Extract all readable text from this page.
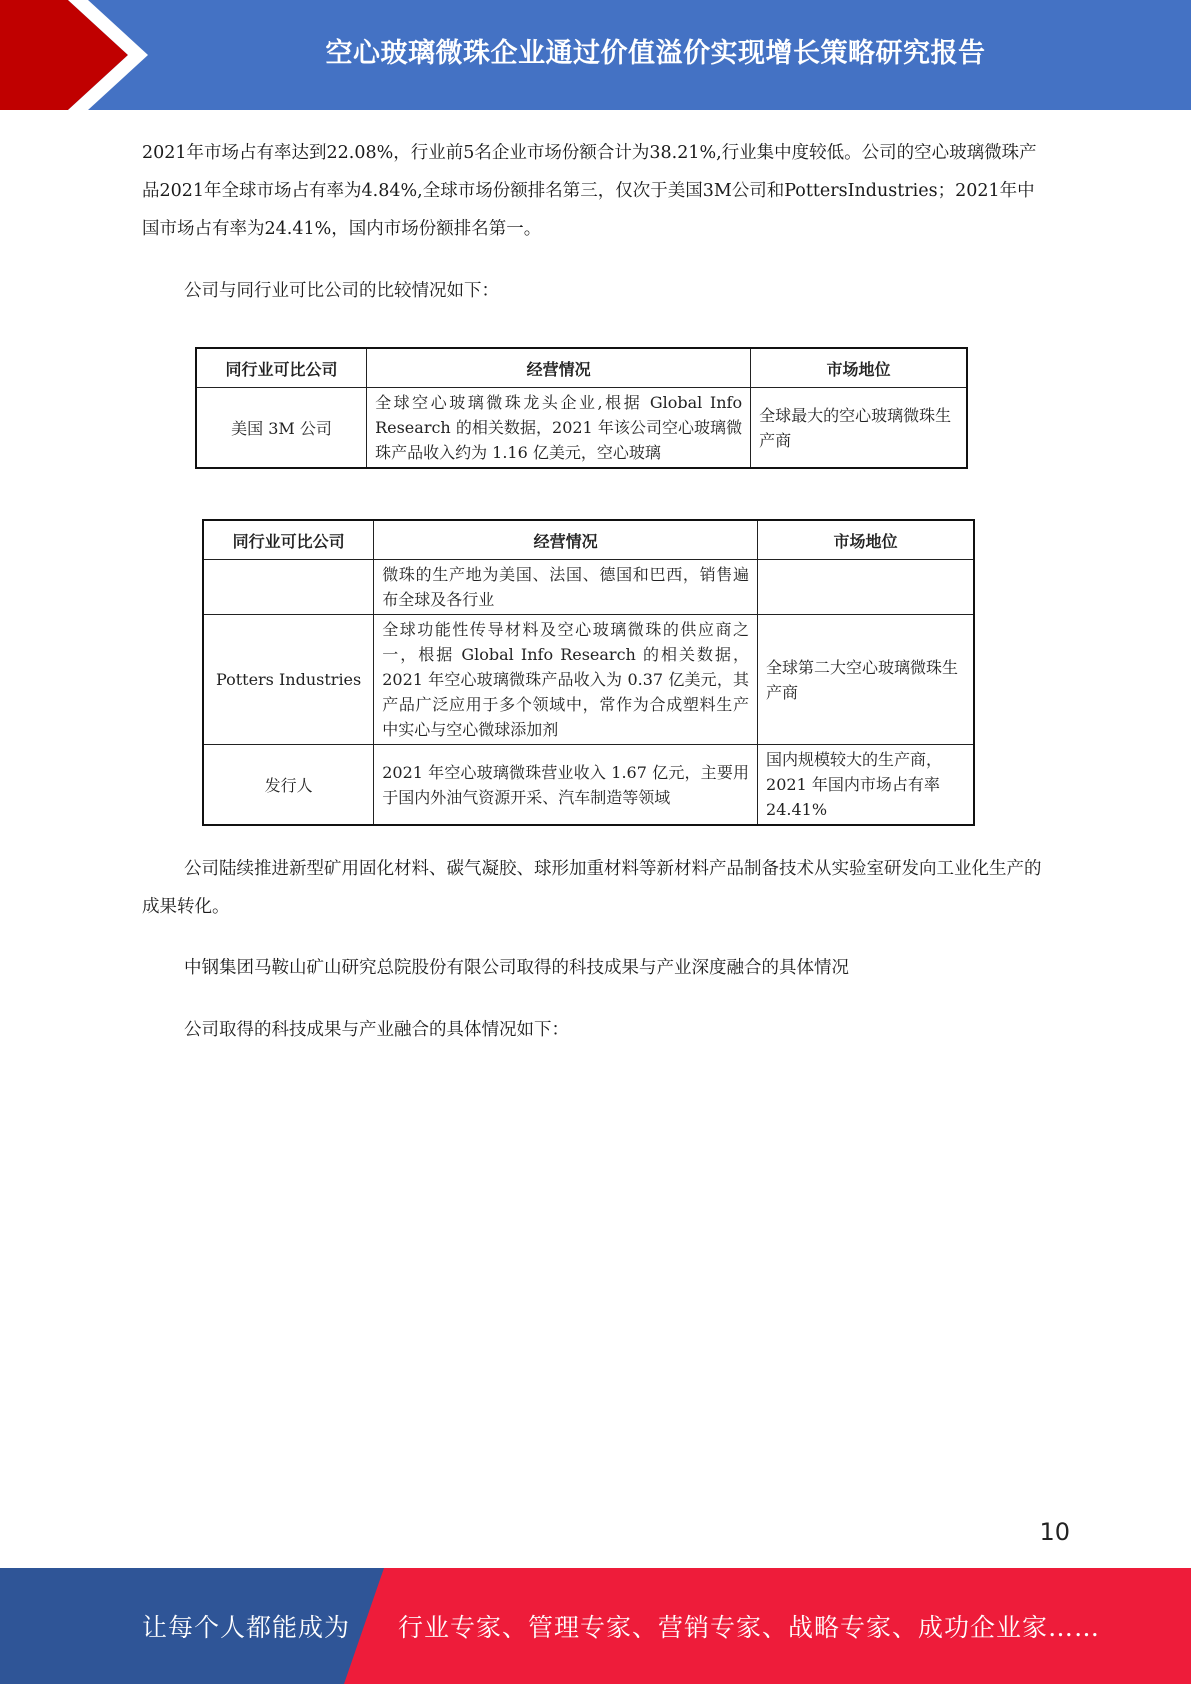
空心玻璃微珠企业通过价值溢价实现增长策略研究报告

2021年市场占有率达到22.08%，行业前5名企业市场份额合计为38.21%,行业集中度较低。公司的空心玻璃微珠产品2021年全球市场占有率为4.84%,全球市场份额排名第三，仅次于美国3M公司和PottersIndustries；2021年中国市场占有率为24.41%，国内市场份额排名第一。

公司与同行业可比公司的比较情况如下：

同行业可比公司	经营情况	市场地位
美国 3M 公司	全球空心玻璃微珠龙头企业,根据 Global Info Research 的相关数据，2021 年该公司空心玻璃微珠产品收入约为 1.16 亿美元，空心玻璃	全球最大的空心玻璃微珠生产商
同行业可比公司	经营情况	市场地位
	微珠的生产地为美国、法国、德国和巴西，销售遍布全球及各行业	
Potters Industries	全球功能性传导材料及空心玻璃微珠的供应商之一，根据 Global Info Research 的相关数据，2021 年空心玻璃微珠产品收入为 0.37 亿美元，其产品广泛应用于多个领域中，常作为合成塑料生产中实心与空心微球添加剂	全球第二大空心玻璃微珠生产商
发行人	2021 年空心玻璃微珠营业收入 1.67 亿元，主要用于国内外油气资源开采、汽车制造等领域	国内规模较大的生产商，2021 年国内市场占有率 24.41%

公司陆续推进新型矿用固化材料、碳气凝胶、球形加重材料等新材料产品制备技术从实验室研发向工业化生产的成果转化。

中钢集团马鞍山矿山研究总院股份有限公司取得的科技成果与产业深度融合的具体情况

公司取得的科技成果与产业融合的具体情况如下：

10
让每个人都能成为 行业专家、管理专家、营销专家、战略专家、成功企业家……
